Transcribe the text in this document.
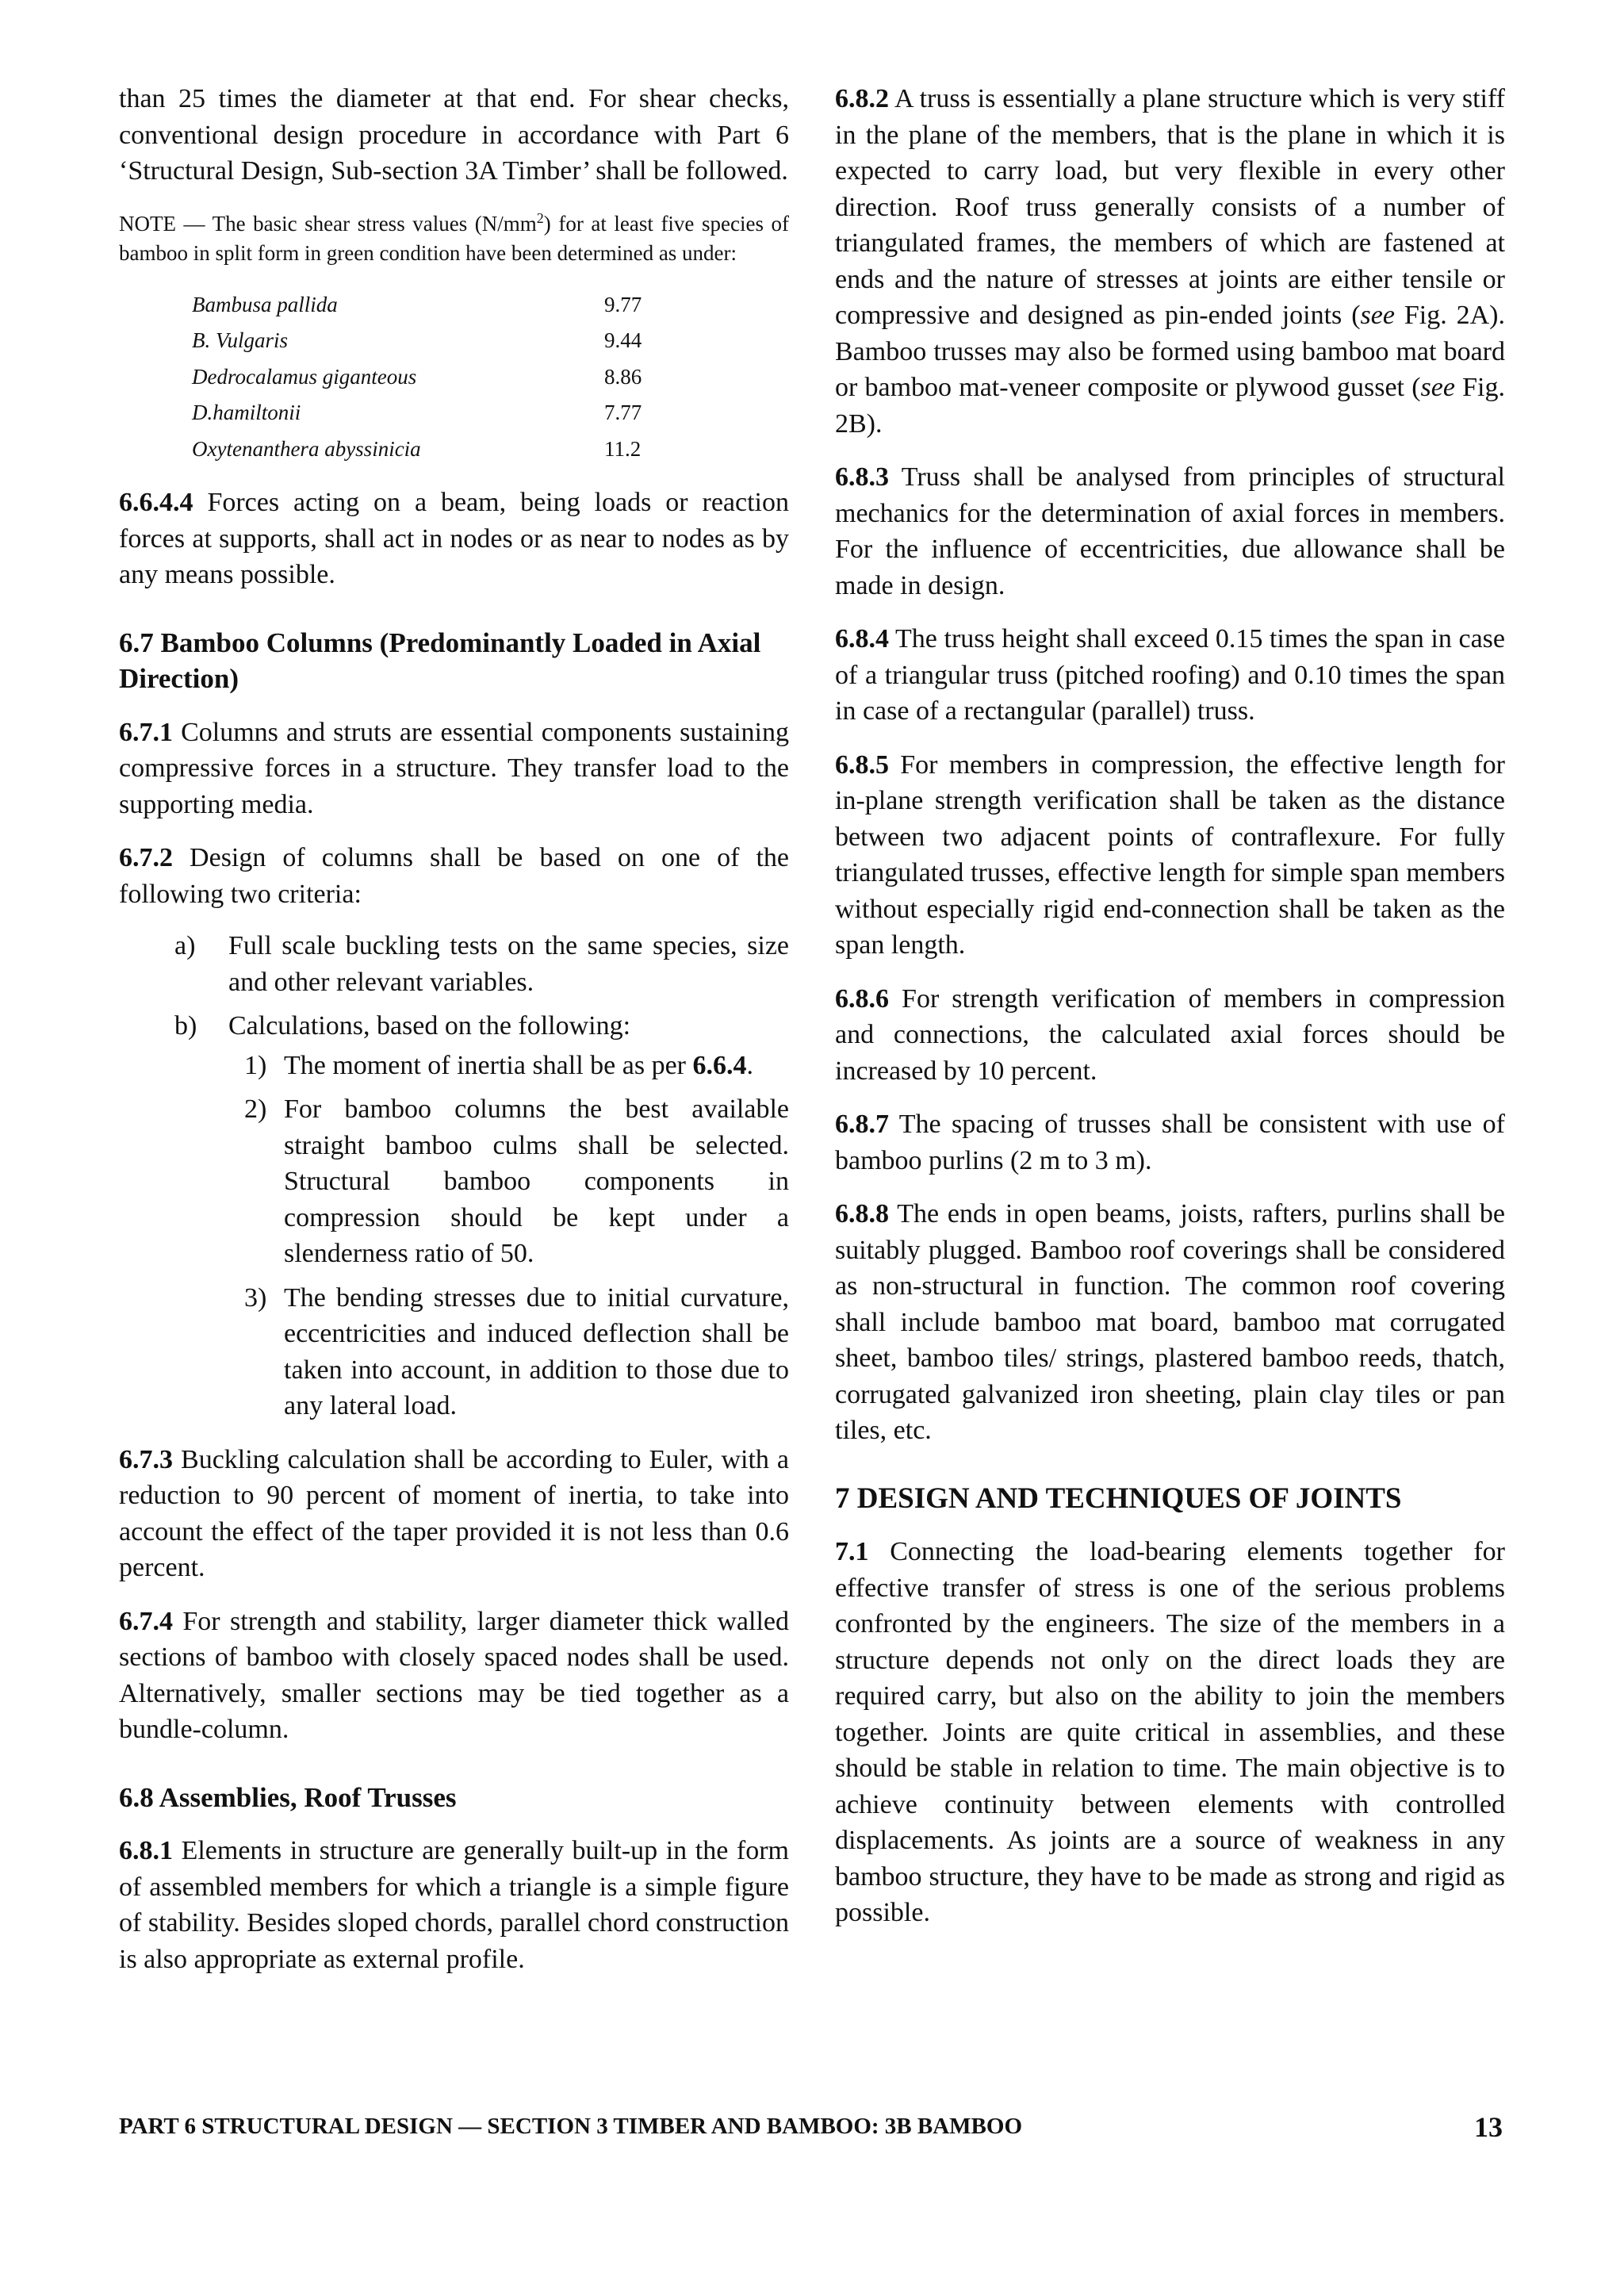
than 25 times the diameter at that end. For shear checks, conventional design procedure in accordance with Part 6 ‘Structural Design, Sub-section 3A Timber’ shall be followed.

NOTE — The basic shear stress values $(N/mm^2)$ for at least five species of bamboo in split form in green condition have been determined as under:

Bambusa pallida	9.77
B. Vulgaris	9.44
Dedrocalamus giganteous	8.86
D.hamiltonii	7.77
Oxytenanthera abyssinicia	11.2

6.6.4.4 Forces acting on a beam, being loads or reaction forces at supports, shall act in nodes or as near to nodes as by any means possible.

6.7 Bamboo Columns (Predominantly Loaded in Axial Direction)

6.7.1 Columns and struts are essential components sustaining compressive forces in a structure. They transfer load to the supporting media.

6.7.2 Design of columns shall be based on one of the following two criteria:

a) Full scale buckling tests on the same species, size and other relevant variables.
b) Calculations, based on the following:
1) The moment of inertia shall be as per 6.6.4.
2) For bamboo columns the best available straight bamboo culms shall be selected. Structural bamboo components in compression should be kept under a slenderness ratio of 50.
3) The bending stresses due to initial curvature, eccentricities and induced deflection shall be taken into account, in addition to those due to any lateral load.

6.7.3 Buckling calculation shall be according to Euler, with a reduction to 90 percent of moment of inertia, to take into account the effect of the taper provided it is not less than 0.6 percent.

6.7.4 For strength and stability, larger diameter thick walled sections of bamboo with closely spaced nodes shall be used. Alternatively, smaller sections may be tied together as a bundle-column.

6.8 Assemblies, Roof Trusses

6.8.1 Elements in structure are generally built-up in the form of assembled members for which a triangle is a simple figure of stability. Besides sloped chords, parallel chord construction is also appropriate as external profile.

6.8.2 A truss is essentially a plane structure which is very stiff in the plane of the members, that is the plane in which it is expected to carry load, but very flexible in every other direction. Roof truss generally consists of a number of triangulated frames, the members of which are fastened at ends and the nature of stresses at joints are either tensile or compressive and designed as pin-ended joints (see Fig. 2A). Bamboo trusses may also be formed using bamboo mat board or bamboo mat-veneer composite or plywood gusset (see Fig. 2B).

6.8.3 Truss shall be analysed from principles of structural mechanics for the determination of axial forces in members. For the influence of eccentricities, due allowance shall be made in design.

6.8.4 The truss height shall exceed 0.15 times the span in case of a triangular truss (pitched roofing) and 0.10 times the span in case of a rectangular (parallel) truss.

6.8.5 For members in compression, the effective length for in-plane strength verification shall be taken as the distance between two adjacent points of contraflexure. For fully triangulated trusses, effective length for simple span members without especially rigid end-connection shall be taken as the span length.

6.8.6 For strength verification of members in compression and connections, the calculated axial forces should be increased by 10 percent.

6.8.7 The spacing of trusses shall be consistent with use of bamboo purlins (2 m to 3 m).

6.8.8 The ends in open beams, joists, rafters, purlins shall be suitably plugged. Bamboo roof coverings shall be considered as non-structural in function. The common roof covering shall include bamboo mat board, bamboo mat corrugated sheet, bamboo tiles/ strings, plastered bamboo reeds, thatch, corrugated galvanized iron sheeting, plain clay tiles or pan tiles, etc.

7 DESIGN AND TECHNIQUES OF JOINTS

7.1 Connecting the load-bearing elements together for effective transfer of stress is one of the serious problems confronted by the engineers. The size of the members in a structure depends not only on the direct loads they are required carry, but also on the ability to join the members together. Joints are quite critical in assemblies, and these should be stable in relation to time. The main objective is to achieve continuity between elements with controlled displacements. As joints are a source of weakness in any bamboo structure, they have to be made as strong and rigid as possible.

PART 6 STRUCTURAL DESIGN — SECTION 3 TIMBER AND BAMBOO: 3B BAMBOO	13
